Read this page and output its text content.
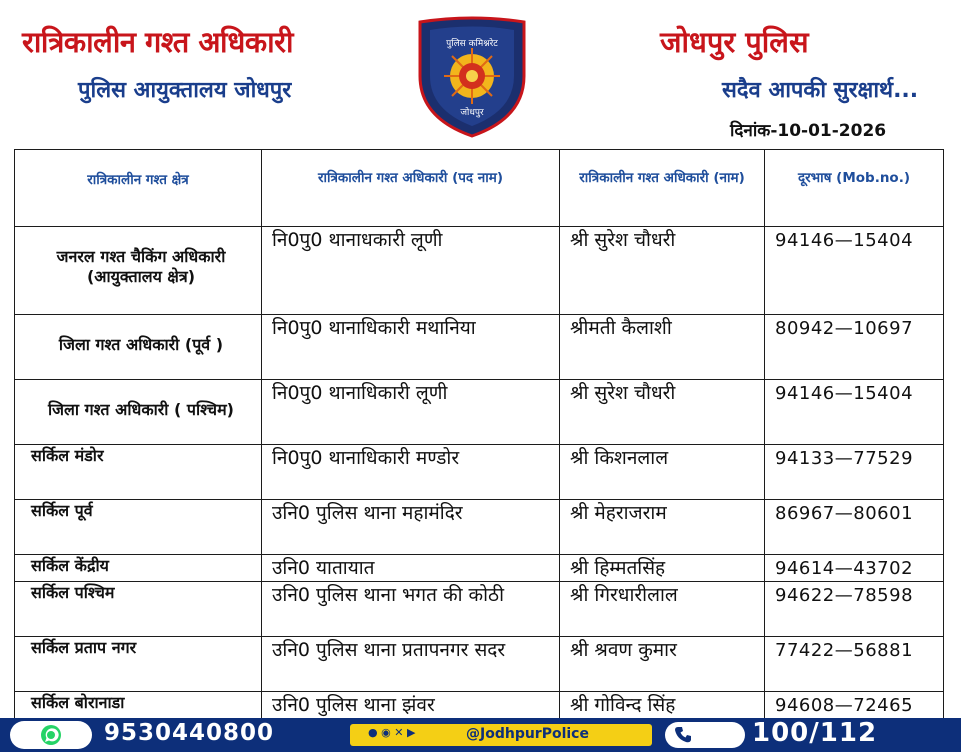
रात्रिकालीन गश्त अधिकारी
पुलिस आयुक्तालय जोधपुर
पुलिस कमिश्नरेट
जोधपुर
जोधपुर पुलिस
सदैव आपकी सुरक्षार्थ...
दिनांक-10-01-2026
रात्रिकालीन गश्त क्षेत्र	रात्रिकालीन गश्त अधिकारी (पद नाम)	रात्रिकालीन गश्त अधिकारी (नाम)	दूरभाष (Mob.no.)
जनरल गश्त चैकिंग अधिकारी (आयुक्तालय क्षेत्र)	नि0पु0 थानाधकारी लूणी	श्री सुरेश चौधरी	94146—15404
जिला गश्त अधिकारी (पूर्व )	नि0पु0 थानाधिकारी मथानिया	श्रीमती कैलाशी	80942—10697
जिला गश्त अधिकारी ( पश्चिम)	नि0पु0 थानाधिकारी लूणी	श्री सुरेश चौधरी	94146—15404
सर्किल मंडोर	नि0पु0 थानाधिकारी मण्डोर	श्री किशनलाल	94133—77529
सर्किल पूर्व	उनि0 पुलिस थाना महामंदिर	श्री मेहराजराम	86967—80601
सर्किल केंद्रीय	उनि0 यातायात	श्री हिम्मतसिंह	94614—43702
सर्किल पश्चिम	उनि0 पुलिस थाना भगत की कोठी	श्री गिरधारीलाल	94622—78598
सर्किल प्रताप नगर	उनि0 पुलिस थाना प्रतापनगर सदर	श्री श्रवण कुमार	77422—56881
सर्किल बोरानाडा	उनि0 पुलिस थाना झंवर	श्री गोविन्द सिंह	94608—72465
9530440800	● ◉ ✕ ▶	@JodhpurPolice	100/112
